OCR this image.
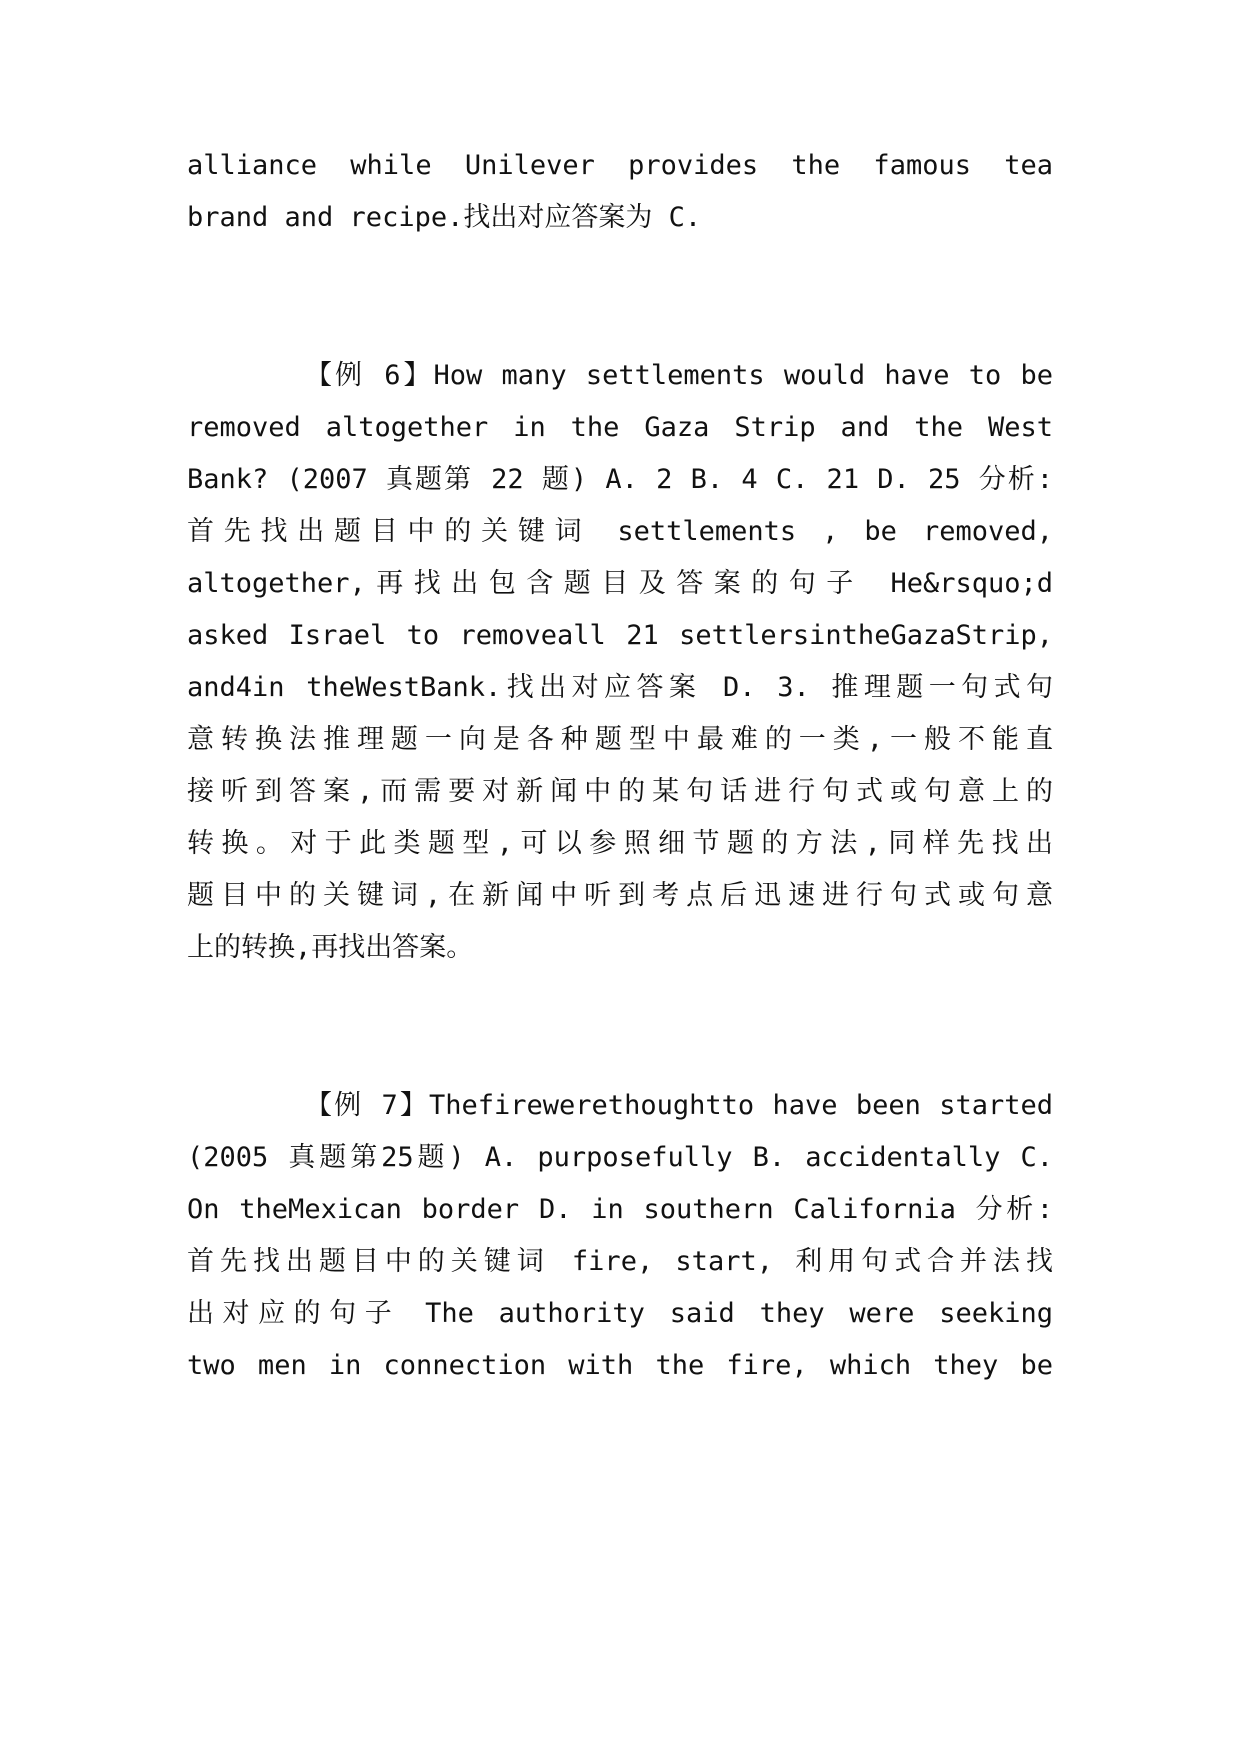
alliance while Unilever provides the famous tea
brand and recipe.找出对应答案为 C.
【例 6】How many settlements would have to be
removed altogether in the Gaza Strip and the West
Bank? (2007 真题第 22 题) A. 2 B. 4 C. 21 D. 25 分析:
首先找出题目中的关键词 settlements , be removed,
altogether,再找出包含题目及答案的句子 He&rsquo;d
asked Israel to removeall 21 settlersintheGazaStrip,
and4in theWestBank.找出对应答案 D. 3. 推理题一句式句
意转换法推理题一向是各种题型中最难的一类,一般不能直
接听到答案,而需要对新闻中的某句话进行句式或句意上的
转换。对于此类题型,可以参照细节题的方法,同样先找出
题目中的关键词,在新闻中听到考点后迅速进行句式或句意
上的转换,再找出答案。
【例 7】Thefirewerethoughtto have been started
(2005 真题第25题) A. purposefully B. accidentally C.
On theMexican border D. in southern California 分析:
首先找出题目中的关键词 fire, start, 利用句式合并法找
出对应的句子 The authority said they were seeking
two men in connection with the fire, which they be
